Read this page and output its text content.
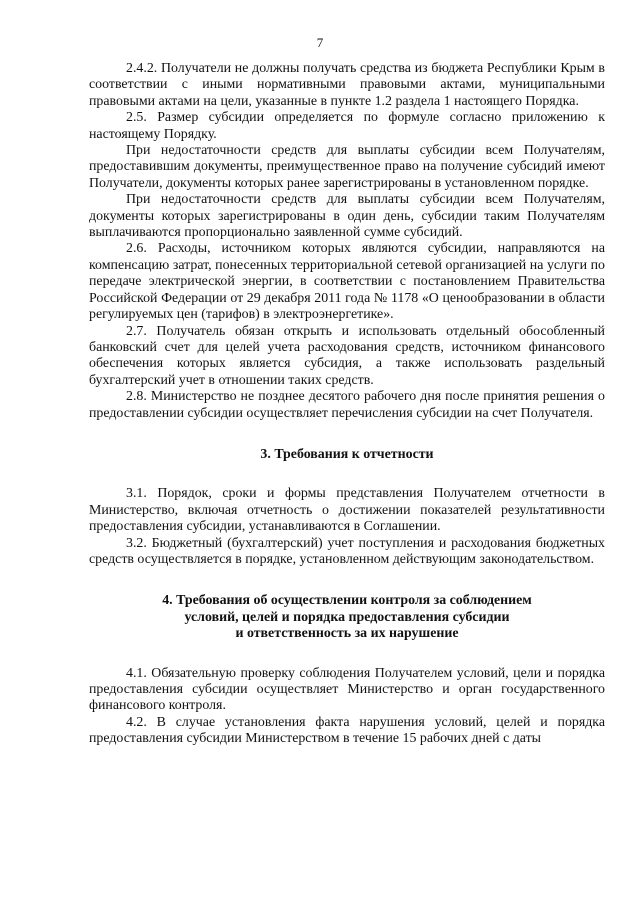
7

2.4.2. Получатели не должны получать средства из бюджета Республики Крым в соответствии с иными нормативными правовыми актами, муниципальными правовыми актами на цели, указанные в пункте 1.2 раздела 1 настоящего Порядка.

2.5. Размер субсидии определяется по формуле согласно приложению к настоящему Порядку.

При недостаточности средств для выплаты субсидии всем Получателям, предоставившим документы, преимущественное право на получение субсидий имеют Получатели, документы которых ранее зарегистрированы в установленном порядке.

При недостаточности средств для выплаты субсидии всем Получателям, документы которых зарегистрированы в один день, субсидии таким Получателям выплачиваются пропорционально заявленной сумме субсидий.

2.6. Расходы, источником которых являются субсидии, направляются на компенсацию затрат, понесенных территориальной сетевой организацией на услуги по передаче электрической энергии, в соответствии с постановлением Правительства Российской Федерации от 29 декабря 2011 года № 1178 «О ценообразовании в области регулируемых цен (тарифов) в электроэнергетике».

2.7. Получатель обязан открыть и использовать отдельный обособленный банковский счет для целей учета расходования средств, источником финансового обеспечения которых является субсидия, а также использовать раздельный бухгалтерский учет в отношении таких средств.

2.8. Министерство не позднее десятого рабочего дня после принятия решения о предоставлении субсидии осуществляет перечисления субсидии на счет Получателя.

3. Требования к отчетности

3.1. Порядок, сроки и формы представления Получателем отчетности в Министерство, включая отчетность о достижении показателей результативности предоставления субсидии, устанавливаются в Соглашении.

3.2. Бюджетный (бухгалтерский) учет поступления и расходования бюджетных средств осуществляется в порядке, установленном действующим законодательством.

4. Требования об осуществлении контроля за соблюдением
условий, целей и порядка предоставления субсидии
и ответственность за их нарушение

4.1. Обязательную проверку соблюдения Получателем условий, цели и порядка предоставления субсидии осуществляет Министерство и орган государственного финансового контроля.

4.2. В случае установления факта нарушения условий, целей и порядка предоставления субсидии Министерством в течение 15 рабочих дней с даты
